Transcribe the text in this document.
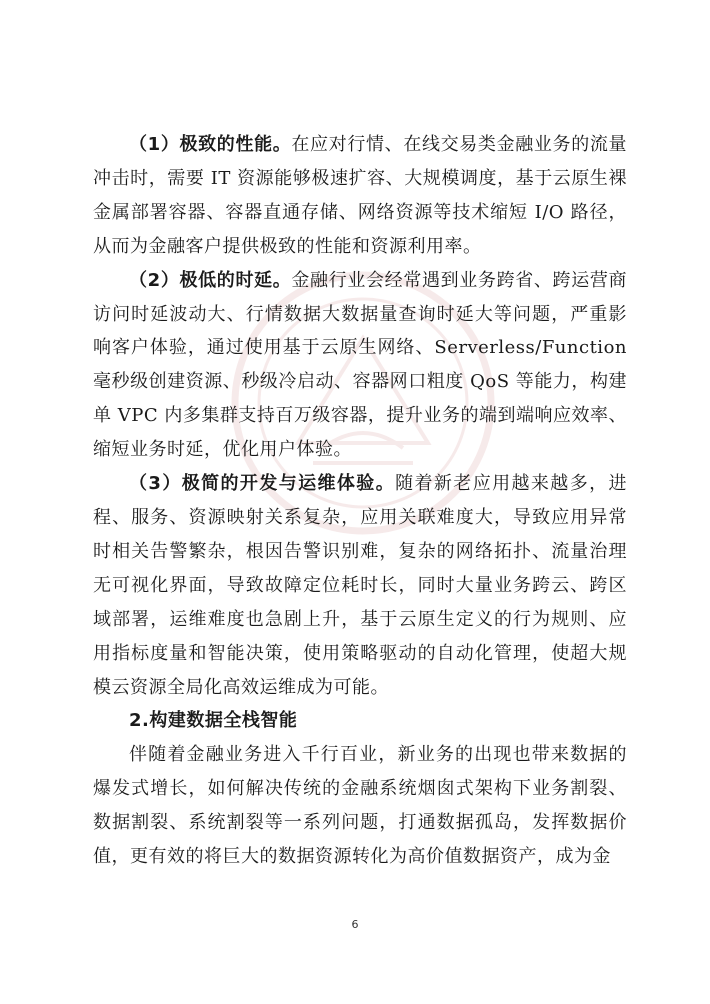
（1）极致的性能。在应对行情、在线交易类金融业务的流量冲击时，需要 IT 资源能够极速扩容、大规模调度，基于云原生裸金属部署容器、容器直通存储、网络资源等技术缩短 I/O 路径，从而为金融客户提供极致的性能和资源利用率。

（2）极低的时延。金融行业会经常遇到业务跨省、跨运营商访问时延波动大、行情数据大数据量查询时延大等问题，严重影响客户体验，通过使用基于云原生网络、Serverless/Function 毫秒级创建资源、秒级冷启动、容器网口粗度 QoS 等能力，构建单 VPC 内多集群支持百万级容器，提升业务的端到端响应效率、缩短业务时延，优化用户体验。

（3）极简的开发与运维体验。随着新老应用越来越多，进程、服务、资源映射关系复杂，应用关联难度大，导致应用异常时相关告警繁杂，根因告警识别难，复杂的网络拓扑、流量治理无可视化界面，导致故障定位耗时长，同时大量业务跨云、跨区域部署，运维难度也急剧上升，基于云原生定义的行为规则、应用指标度量和智能决策，使用策略驱动的自动化管理，使超大规模云资源全局化高效运维成为可能。

2.构建数据全栈智能

伴随着金融业务进入千行百业，新业务的出现也带来数据的爆发式增长，如何解决传统的金融系统烟囱式架构下业务割裂、数据割裂、系统割裂等一系列问题，打通数据孤岛，发挥数据价值，更有效的将巨大的数据资源转化为高价值数据资产，成为金

6
